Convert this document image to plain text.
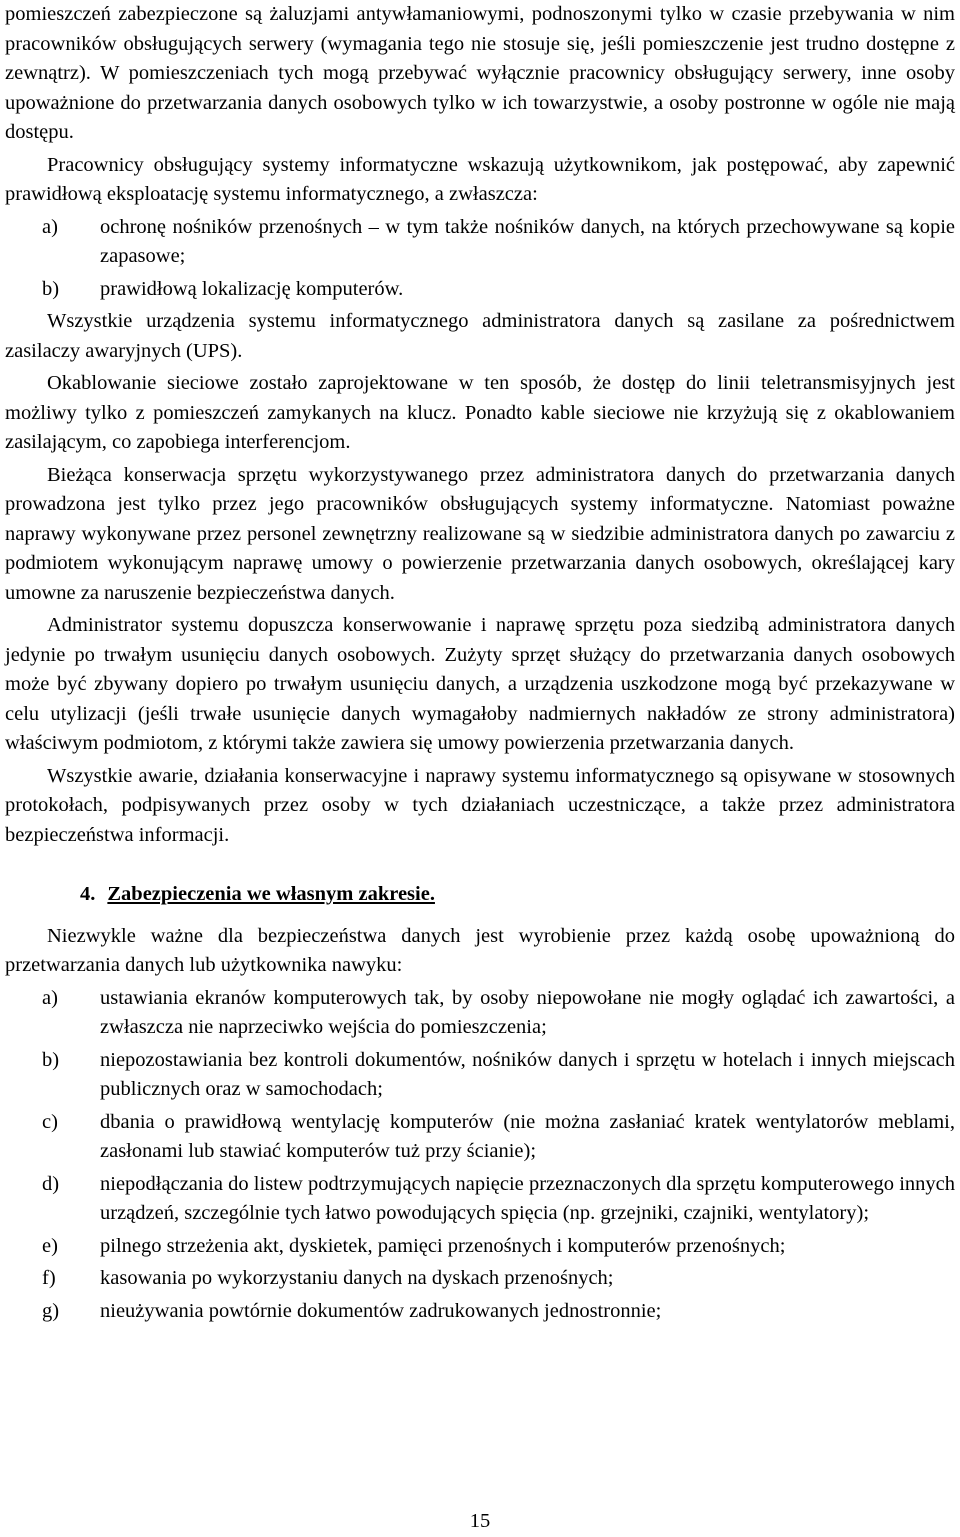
pomieszczeń zabezpieczone są żaluzjami antywłamaniowymi, podnoszonymi tylko w czasie przebywania w nim pracowników obsługujących serwery (wymagania tego nie stosuje się, jeśli pomieszczenie jest trudno dostępne z zewnątrz). W pomieszczeniach tych mogą przebywać wyłącznie pracownicy obsługujący serwery, inne osoby upoważnione do przetwarzania danych osobowych tylko w ich towarzystwie, a osoby postronne w ogóle nie mają dostępu.

Pracownicy obsługujący systemy informatyczne wskazują użytkownikom, jak postępować, aby zapewnić prawidłową eksploatację systemu informatycznego, a zwłaszcza:

a)	ochronę nośników przenośnych – w tym także nośników danych, na których przechowywane są kopie zapasowe;
b)	prawidłową lokalizację komputerów.

Wszystkie urządzenia systemu informatycznego administratora danych są zasilane za pośrednictwem zasilaczy awaryjnych (UPS).

Okablowanie sieciowe zostało zaprojektowane w ten sposób, że dostęp do linii teletransmisyjnych jest możliwy tylko z pomieszczeń zamykanych na klucz. Ponadto kable sieciowe nie krzyżują się z okablowaniem zasilającym, co zapobiega interferencjom.

Bieżąca konserwacja sprzętu wykorzystywanego przez administratora danych do przetwarzania danych prowadzona jest tylko przez jego pracowników obsługujących systemy informatyczne. Natomiast poważne naprawy wykonywane przez personel zewnętrzny realizowane są w siedzibie administratora danych po zawarciu z podmiotem wykonującym naprawę umowy o powierzenie przetwarzania danych osobowych, określającej kary umowne za naruszenie bezpieczeństwa danych.

Administrator systemu dopuszcza konserwowanie i naprawę sprzętu poza siedzibą administratora danych jedynie po trwałym usunięciu danych osobowych. Zużyty sprzęt służący do przetwarzania danych osobowych może być zbywany dopiero po trwałym usunięciu danych, a urządzenia uszkodzone mogą być przekazywane w celu utylizacji (jeśli trwałe usunięcie danych wymagałoby nadmiernych nakładów ze strony administratora) właściwym podmiotom, z którymi także zawiera się umowy powierzenia przetwarzania danych.

Wszystkie awarie, działania konserwacyjne i naprawy systemu informatycznego są opisywane w stosownych protokołach, podpisywanych przez osoby w tych działaniach uczestniczące, a także przez administratora bezpieczeństwa informacji.

4. Zabezpieczenia we własnym zakresie.

Niezwykle ważne dla bezpieczeństwa danych jest wyrobienie przez każdą osobę upoważnioną do przetwarzania danych lub użytkownika nawyku:

a)	ustawiania ekranów komputerowych tak, by osoby niepowołane nie mogły oglądać ich zawartości, a zwłaszcza nie naprzeciwko wejścia do pomieszczenia;
b)	niepozostawiania bez kontroli dokumentów, nośników danych i sprzętu w hotelach i innych miejscach publicznych oraz w samochodach;
c)	dbania o prawidłową wentylację komputerów (nie można zasłaniać kratek wentylatorów meblami, zasłonami lub stawiać komputerów tuż przy ścianie);
d)	niepodłączania do listew podtrzymujących napięcie przeznaczonych dla sprzętu komputerowego innych urządzeń, szczególnie tych łatwo powodujących spięcia (np. grzejniki, czajniki, wentylatory);
e)	pilnego strzeżenia akt, dyskietek, pamięci przenośnych i komputerów przenośnych;
f)	kasowania po wykorzystaniu danych na dyskach przenośnych;
g)	nieużywania powtórnie dokumentów zadrukowanych jednostronnie;
15
